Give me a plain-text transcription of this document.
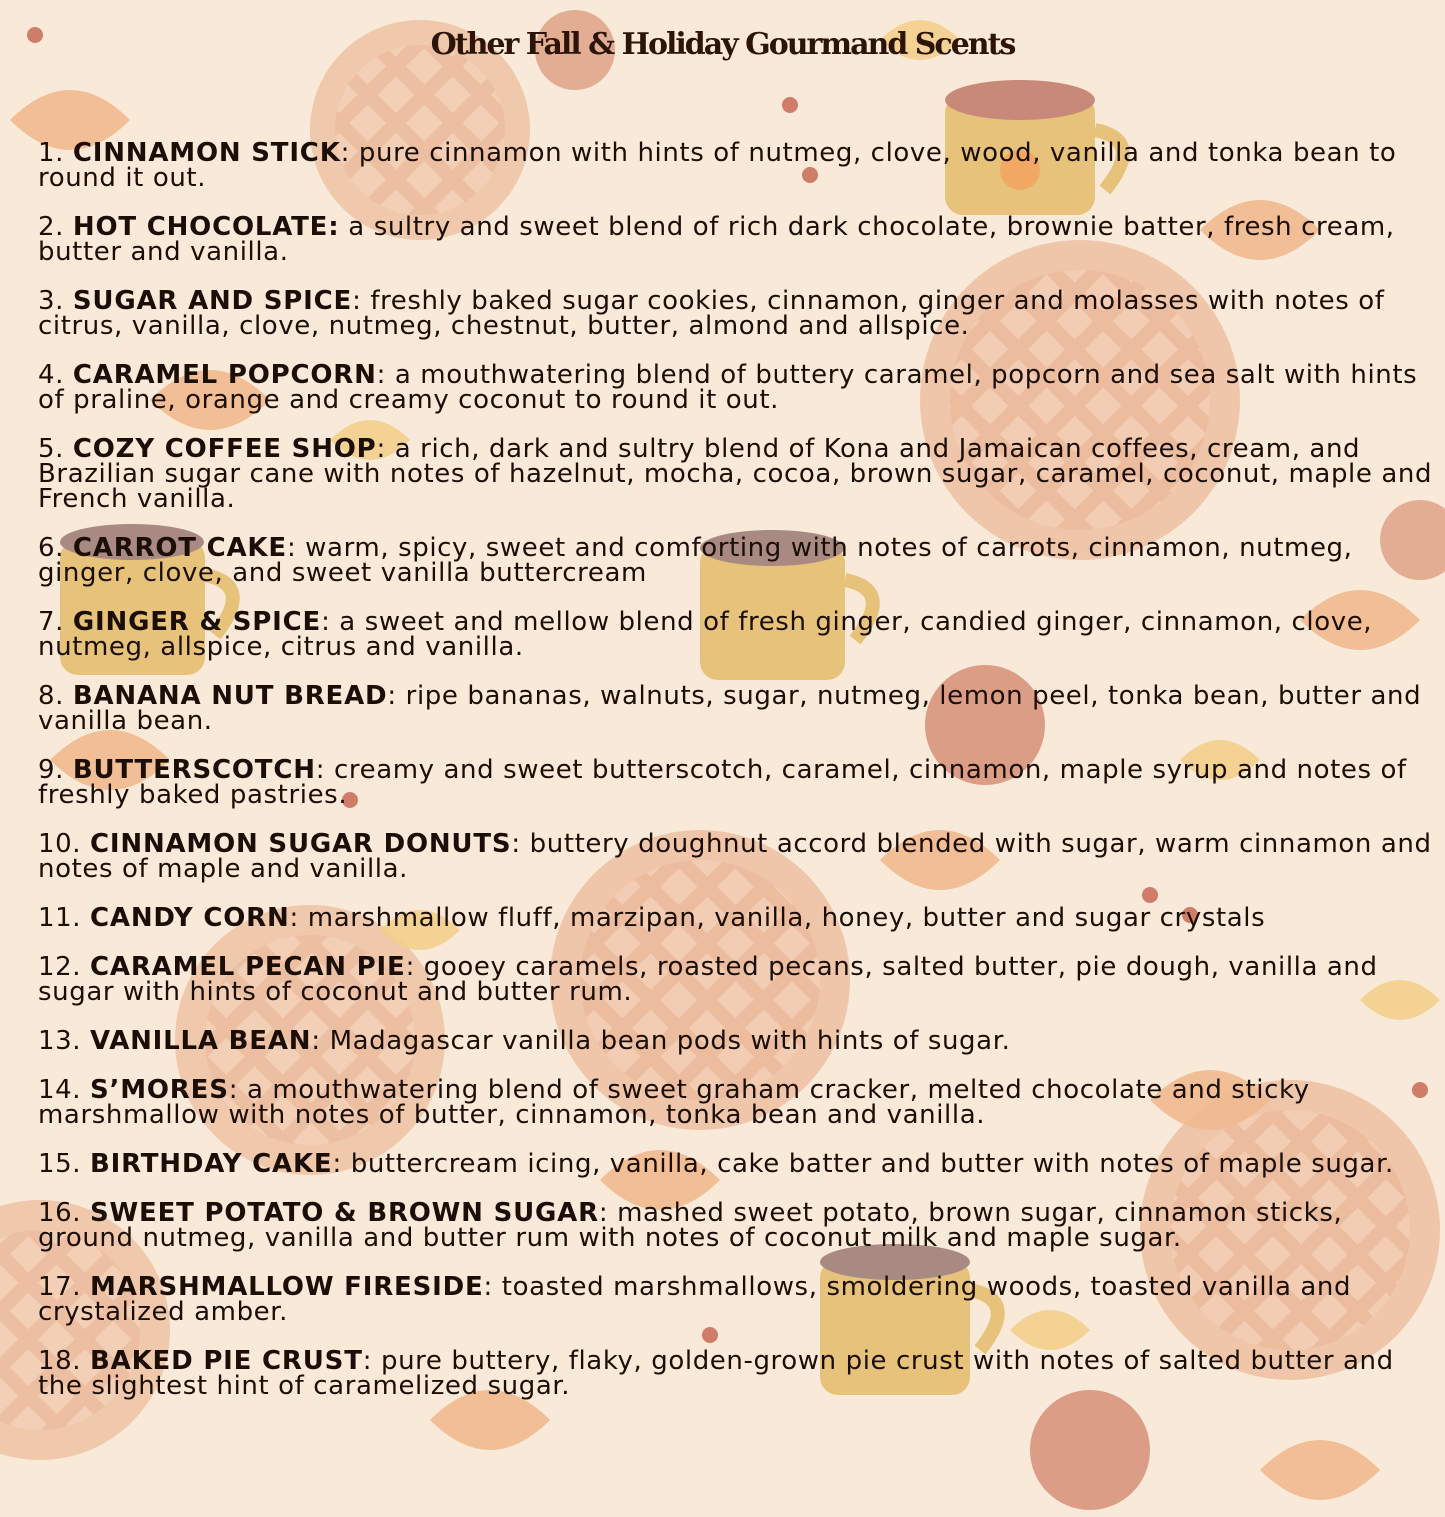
Other Fall & Holiday Gourmand Scents
1. CINNAMON STICK: pure cinnamon with hints of nutmeg, clove, wood, vanilla and tonka bean to round it out.
2. HOT CHOCOLATE: a sultry and sweet blend of rich dark chocolate, brownie batter, fresh cream, butter and vanilla.
3. SUGAR AND SPICE: freshly baked sugar cookies, cinnamon, ginger and molasses with notes of citrus, vanilla, clove, nutmeg, chestnut, butter, almond and allspice.
4. CARAMEL POPCORN: a mouthwatering blend of buttery caramel, popcorn and sea salt with hints of praline, orange and creamy coconut to round it out.
5. COZY COFFEE SHOP: a rich, dark and sultry blend of Kona and Jamaican coffees, cream, and Brazilian sugar cane with notes of hazelnut, mocha, cocoa, brown sugar, caramel, coconut, maple and French vanilla.
6. CARROT CAKE: warm, spicy, sweet and comforting with notes of carrots, cinnamon, nutmeg, ginger, clove, and sweet vanilla buttercream
7. GINGER & SPICE: a sweet and mellow blend of fresh ginger, candied ginger, cinnamon, clove, nutmeg, allspice, citrus and vanilla.
8. BANANA NUT BREAD: ripe bananas, walnuts, sugar, nutmeg, lemon peel, tonka bean, butter and vanilla bean.
9. BUTTERSCOTCH: creamy and sweet butterscotch, caramel, cinnamon, maple syrup and notes of freshly baked pastries.
10. CINNAMON SUGAR DONUTS: buttery doughnut accord blended with sugar, warm cinnamon and notes of maple and vanilla.
11. CANDY CORN: marshmallow fluff, marzipan, vanilla, honey, butter and sugar crystals
12. CARAMEL PECAN PIE: gooey caramels, roasted pecans, salted butter, pie dough, vanilla and sugar with hints of coconut and butter rum.
13. VANILLA BEAN: Madagascar vanilla bean pods with hints of sugar.
14. S’MORES: a mouthwatering blend of sweet graham cracker, melted chocolate and sticky marshmallow with notes of butter, cinnamon, tonka bean and vanilla.
15. BIRTHDAY CAKE: buttercream icing, vanilla, cake batter and butter with notes of maple sugar.
16. SWEET POTATO & BROWN SUGAR: mashed sweet potato, brown sugar, cinnamon sticks, ground nutmeg, vanilla and butter rum with notes of coconut milk and maple sugar.
17. MARSHMALLOW FIRESIDE: toasted marshmallows, smoldering woods, toasted vanilla and crystalized amber.
18. BAKED PIE CRUST: pure buttery, flaky, golden-grown pie crust with notes of salted butter and the slightest hint of caramelized sugar.
